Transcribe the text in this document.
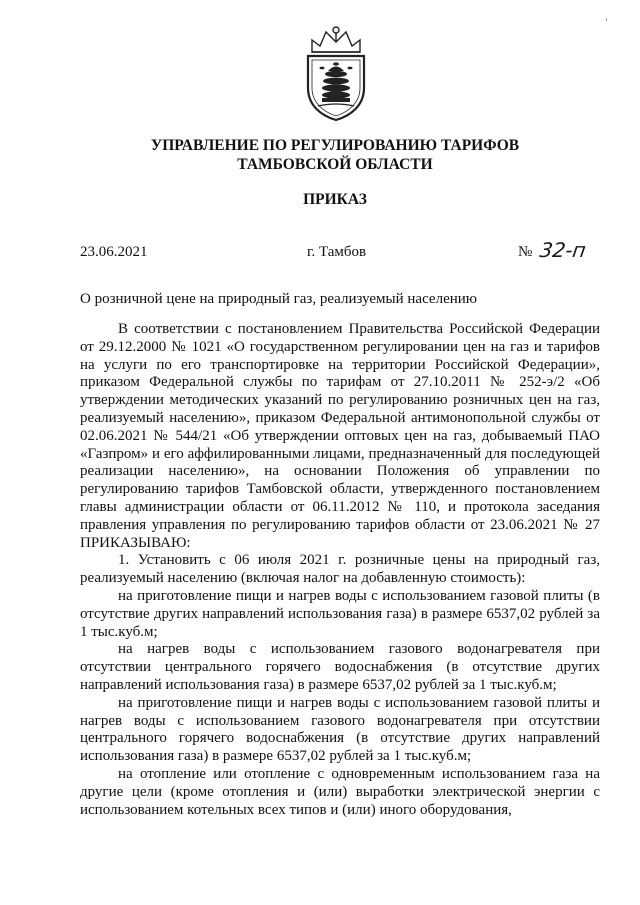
УПРАВЛЕНИЕ ПО РЕГУЛИРОВАНИЮ ТАРИФОВ
ТАМБОВСКОЙ ОБЛАСТИ
ПРИКАЗ
23.06.2021	г. Тамбов	№ 32-п
О розничной цене на природный газ, реализуемый населению

В соответствии с постановлением Правительства Российской Федерации от 29.12.2000 № 1021 «О государственном регулировании цен на газ и тарифов на услуги по его транспортировке на территории Российской Федерации», приказом Федеральной службы по тарифам от 27.10.2011 № 252-э/2 «Об утверждении методических указаний по регулированию розничных цен на газ, реализуемый населению», приказом Федеральной антимонопольной службы от 02.06.2021 № 544/21 «Об утверждении оптовых цен на газ, добываемый ПАО «Газпром» и его аффилированными лицами, предназначенный для последующей реализации населению», на основании Положения об управлении по регулированию тарифов Тамбовской области, утвержденного постановлением главы администрации области от 06.11.2012 № 110, и протокола заседания правления управления по регулированию тарифов области от 23.06.2021 № 27 ПРИКАЗЫВАЮ:

1. Установить с 06 июля 2021 г. розничные цены на природный газ, реализуемый населению (включая налог на добавленную стоимость):

на приготовление пищи и нагрев воды с использованием газовой плиты (в отсутствие других направлений использования газа) в размере 6537,02 рублей за 1 тыс.куб.м;

на нагрев воды с использованием газового водонагревателя при отсутствии центрального горячего водоснабжения (в отсутствие других направлений использования газа) в размере 6537,02 рублей за 1 тыс.куб.м;

на приготовление пищи и нагрев воды с использованием газовой плиты и нагрев воды с использованием газового водонагревателя при отсутствии центрального горячего водоснабжения (в отсутствие других направлений использования газа) в размере 6537,02 рублей за 1 тыс.куб.м;

на отопление или отопление с одновременным использованием газа на другие цели (кроме отопления и (или) выработки электрической энергии с использованием котельных всех типов и (или) иного оборудования,
